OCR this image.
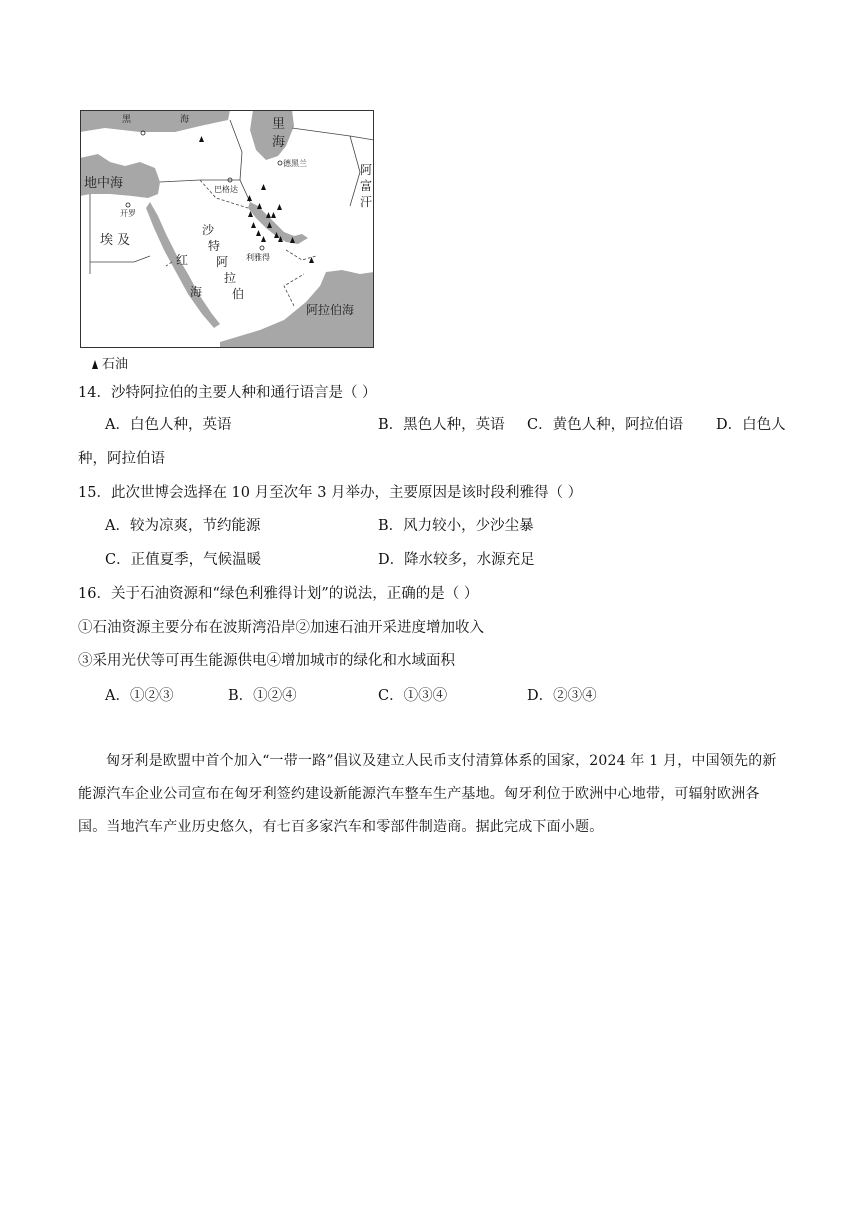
黑	海	里
海
德黑兰	阿
富
汗
地中海	巴格达
开罗
埃 及
沙
特
阿
拉
伯
红
海
利雅得
阿拉伯海
石油
14．沙特阿拉伯的主要人种和通行语言是（ ）
A．白色人种，英语	B．黑色人种，英语 C．黄色人种，阿拉伯语 D．白色人
种，阿拉伯语
15．此次世博会选择在 10 月至次年 3 月举办，主要原因是该时段利雅得（ ）
A．较为凉爽，节约能源	B．风力较小，少沙尘暴
C．正值夏季，气候温暖	D．降水较多，水源充足
16．关于石油资源和“绿色利雅得计划”的说法，正确的是（ ）
①石油资源主要分布在波斯湾沿岸②加速石油开采进度增加收入
③采用光伏等可再生能源供电④增加城市的绿化和水域面积
A．①②③	B．①②④	C．①③④	D．②③④
匈牙利是欧盟中首个加入“一带一路”倡议及建立人民币支付清算体系的国家，2024 年 1 月，中国领先的新能源汽车企业公司宣布在匈牙利签约建设新能源汽车整车生产基地。匈牙利位于欧洲中心地带，可辐射欧洲各国。当地汽车产业历史悠久，有七百多家汽车和零部件制造商。据此完成下面小题。
